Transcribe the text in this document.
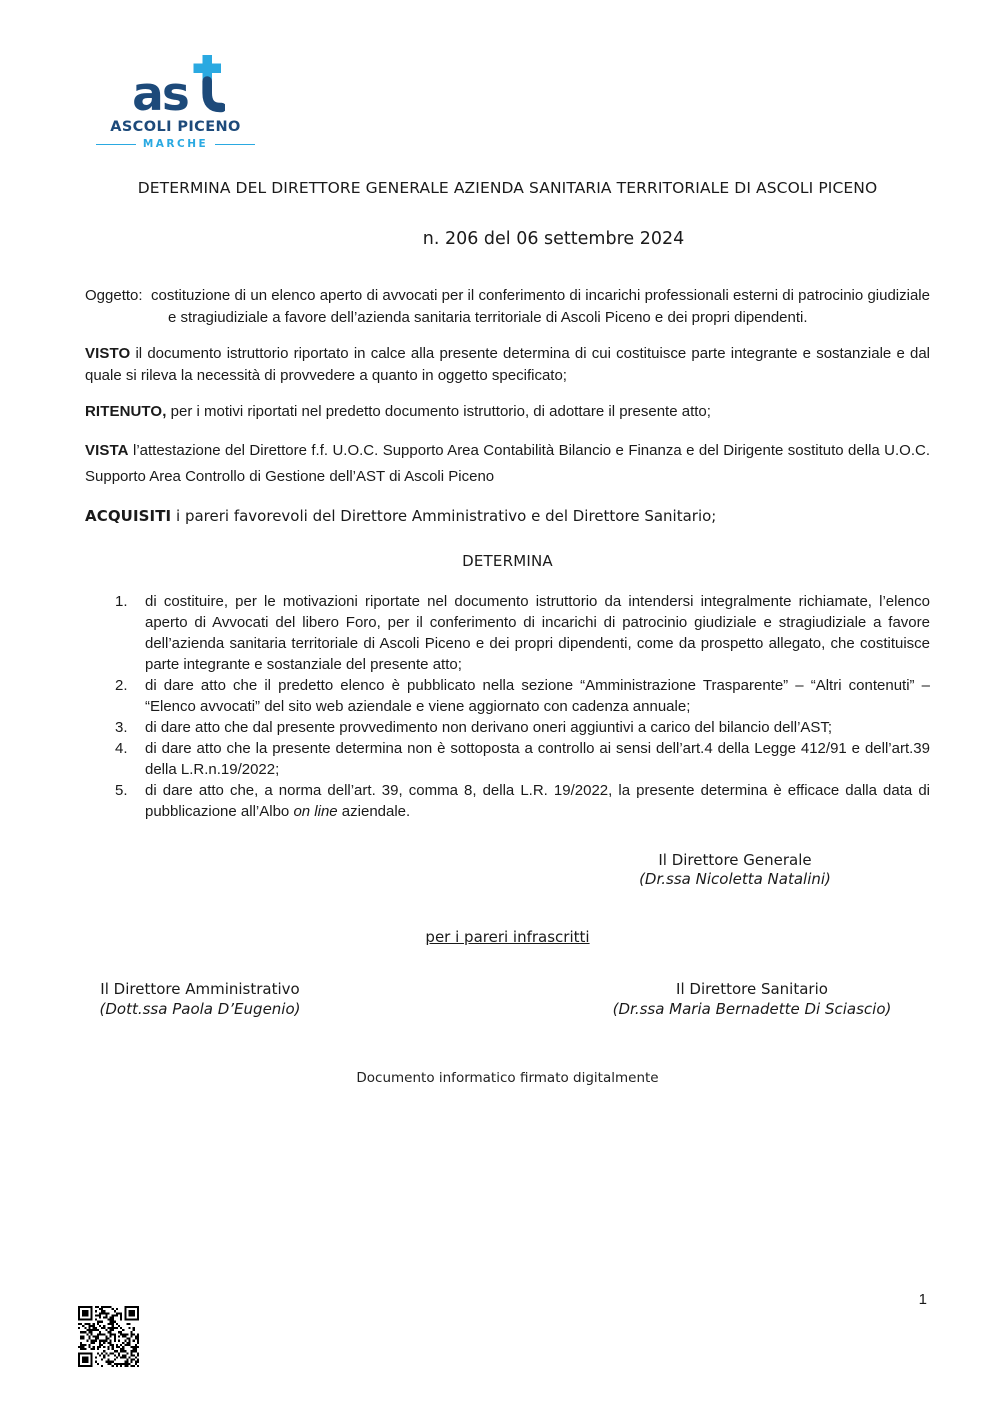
as
ASCOLI PICENO
MARCHE
DETERMINA DEL DIRETTORE GENERALE AZIENDA SANITARIA TERRITORIALE DI ASCOLI PICENO
n. 206 del 06 settembre 2024

Oggetto: costituzione di un elenco aperto di avvocati per il conferimento di incarichi professionali esterni di patrocinio giudiziale e stragiudiziale a favore dell’azienda sanitaria territoriale di Ascoli Piceno e dei propri dipendenti.

VISTO il documento istruttorio riportato in calce alla presente determina di cui costituisce parte integrante e sostanziale e dal quale si rileva la necessità di provvedere a quanto in oggetto specificato;

RITENUTO, per i motivi riportati nel predetto documento istruttorio, di adottare il presente atto;

VISTA l’attestazione del Direttore f.f. U.O.C. Supporto Area Contabilità Bilancio e Finanza e del Dirigente sostituto della U.O.C. Supporto Area Controllo di Gestione dell’AST di Ascoli Piceno

ACQUISITI i pareri favorevoli del Direttore Amministrativo e del Direttore Sanitario;

DETERMINA
1.	di costituire, per le motivazioni riportate nel documento istruttorio da intendersi integralmente richiamate, l’elenco aperto di Avvocati del libero Foro, per il conferimento di incarichi di patrocinio giudiziale e stragiudiziale a favore dell’azienda sanitaria territoriale di Ascoli Piceno e dei propri dipendenti, come da prospetto allegato, che costituisce parte integrante e sostanziale del presente atto;
2.	di dare atto che il predetto elenco è pubblicato nella sezione “Amministrazione Trasparente” – “Altri contenuti” – “Elenco avvocati” del sito web aziendale e viene aggiornato con cadenza annuale;
3.	di dare atto che dal presente provvedimento non derivano oneri aggiuntivi a carico del bilancio dell’AST;
4.	di dare atto che la presente determina non è sottoposta a controllo ai sensi dell’art.4 della Legge 412/91 e dell’art.39 della L.R.n.19/2022;
5.	di dare atto che, a norma dell’art. 39, comma 8, della L.R. 19/2022, la presente determina è efficace dalla data di pubblicazione all’Albo on line aziendale.
Il Direttore Generale
(Dr.ssa Nicoletta Natalini)
per i pareri infrascritti
Il Direttore Amministrativo
(Dott.ssa Paola D’Eugenio)
Il Direttore Sanitario
(Dr.ssa Maria Bernadette Di Sciascio)
Documento informatico firmato digitalmente
1
